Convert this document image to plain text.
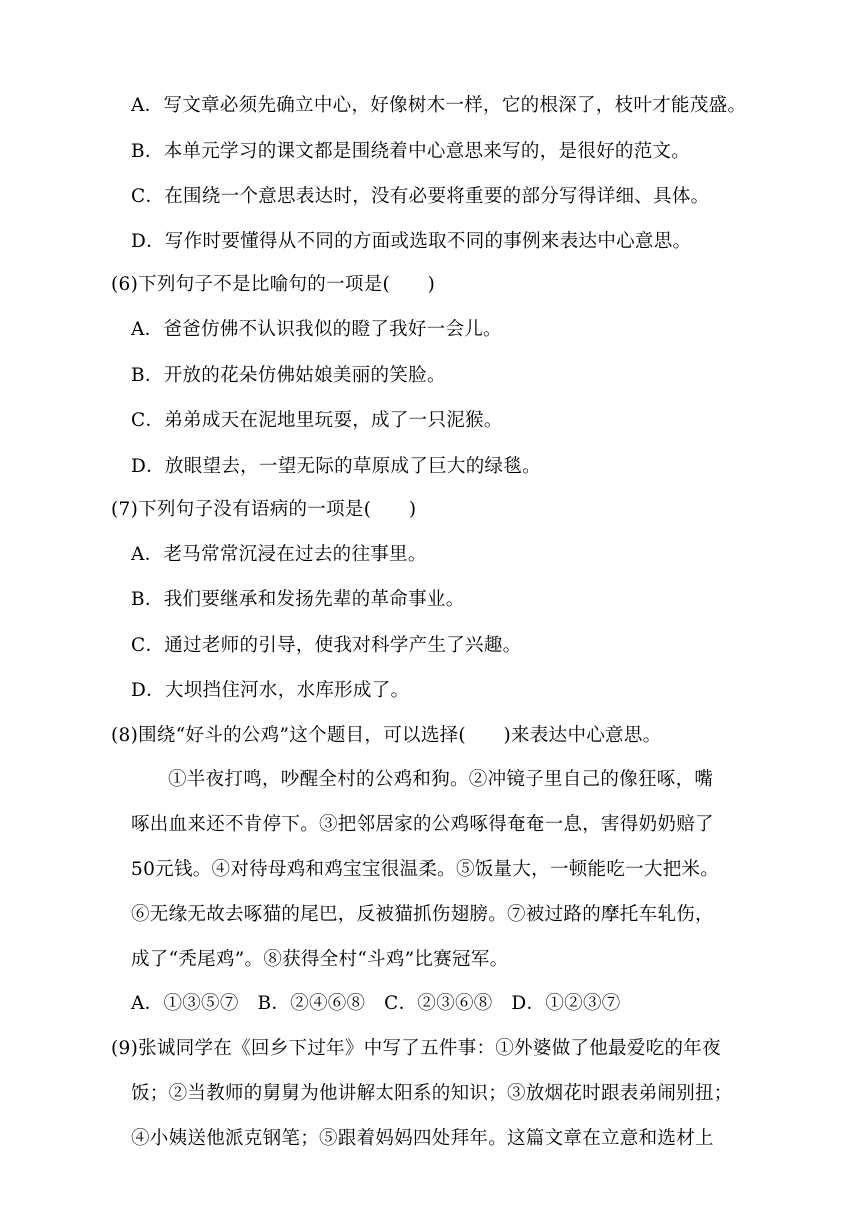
A．写文章必须先确立中心，好像树木一样，它的根深了，枝叶才能茂盛。
B．本单元学习的课文都是围绕着中心意思来写的，是很好的范文。
C．在围绕一个意思表达时，没有必要将重要的部分写得详细、具体。
D．写作时要懂得从不同的方面或选取不同的事例来表达中心意思。
(6)下列句子不是比喻句的一项是(　　)
A．爸爸仿佛不认识我似的瞪了我好一会儿。
B．开放的花朵仿佛姑娘美丽的笑脸。
C．弟弟成天在泥地里玩耍，成了一只泥猴。
D．放眼望去，一望无际的草原成了巨大的绿毯。
(7)下列句子没有语病的一项是(　　)
A．老马常常沉浸在过去的往事里。
B．我们要继承和发扬先辈的革命事业。
C．通过老师的引导，使我对科学产生了兴趣。
D．大坝挡住河水，水库形成了。
(8)围绕“好斗的公鸡”这个题目，可以选择(　　)来表达中心意思。
①半夜打鸣，吵醒全村的公鸡和狗。②冲镜子里自己的像狂啄，嘴
啄出血来还不肯停下。③把邻居家的公鸡啄得奄奄一息，害得奶奶赔了
50元钱。④对待母鸡和鸡宝宝很温柔。⑤饭量大，一顿能吃一大把米。
⑥无缘无故去啄猫的尾巴，反被猫抓伤翅膀。⑦被过路的摩托车轧伤，
成了“秃尾鸡”。⑧获得全村“斗鸡”比赛冠军。
A．①③⑤⑦　B．②④⑥⑧　C．②③⑥⑧　D．①②③⑦
(9)张诚同学在《回乡下过年》中写了五件事：①外婆做了他最爱吃的年夜
饭；②当教师的舅舅为他讲解太阳系的知识；③放烟花时跟表弟闹别扭；
④小姨送他派克钢笔；⑤跟着妈妈四处拜年。这篇文章在立意和选材上
